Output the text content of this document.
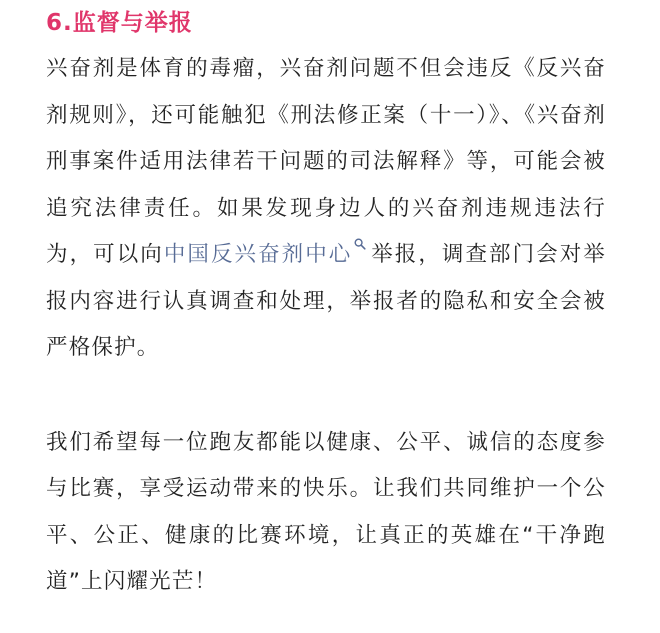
6.监督与举报

兴奋剂是体育的毒瘤，兴奋剂问题不但会违反《反兴奋剂规则》，还可能触犯《刑法修正案（十一）》、《兴奋剂刑事案件适用法律若干问题的司法解释》等，可能会被追究法律责任。如果发现身边人的兴奋剂违规违法行为，可以向中国反兴奋剂中心 举报，调查部门会对举报内容进行认真调查和处理，举报者的隐私和安全会被严格保护。

我们希望每一位跑友都能以健康、公平、诚信的态度参与比赛，享受运动带来的快乐。让我们共同维护一个公平、公正、健康的比赛环境，让真正的英雄在“干净跑道”上闪耀光芒！
